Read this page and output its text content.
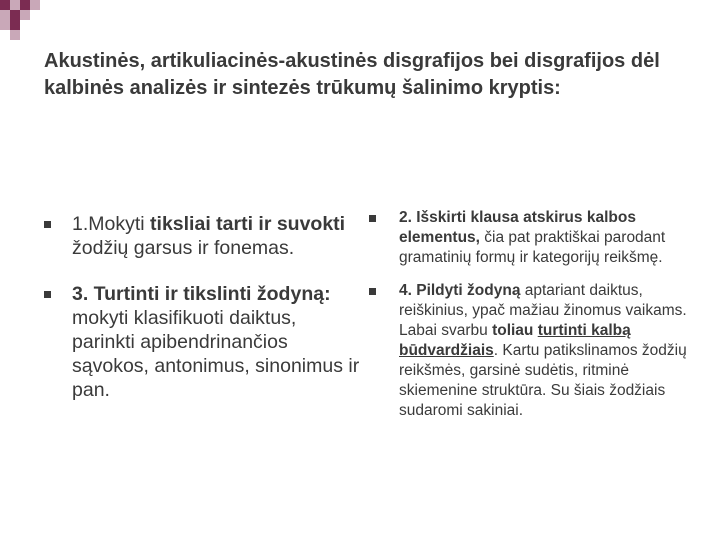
Akustinės, artikuliacinės-akustinės disgrafijos bei disgrafijos dėl kalbinės analizės ir sintezės trūkumų šalinimo kryptis:
1.Mokyti tiksliai tarti ir suvokti žodžių garsus ir fonemas.
3. Turtinti ir tikslinti žodyną:
mokyti klasifikuoti daiktus, parinkti apibendrinančios sąvokos, antonimus, sinonimus ir pan.
2. Išskirti klausa atskirus kalbos elementus, čia pat praktiškai parodant gramatinių formų ir kategorijų reikšmę.
4. Pildyti žodyną aptariant daiktus, reiškinius, ypač mažiau žinomus vaikams. Labai svarbu toliau turtinti kalbą būdvardžiais. Kartu patikslinamos žodžių reikšmės, garsinė sudėtis, ritminė skiemenine struktūra. Su šiais žodžiais sudaromi sakiniai.
